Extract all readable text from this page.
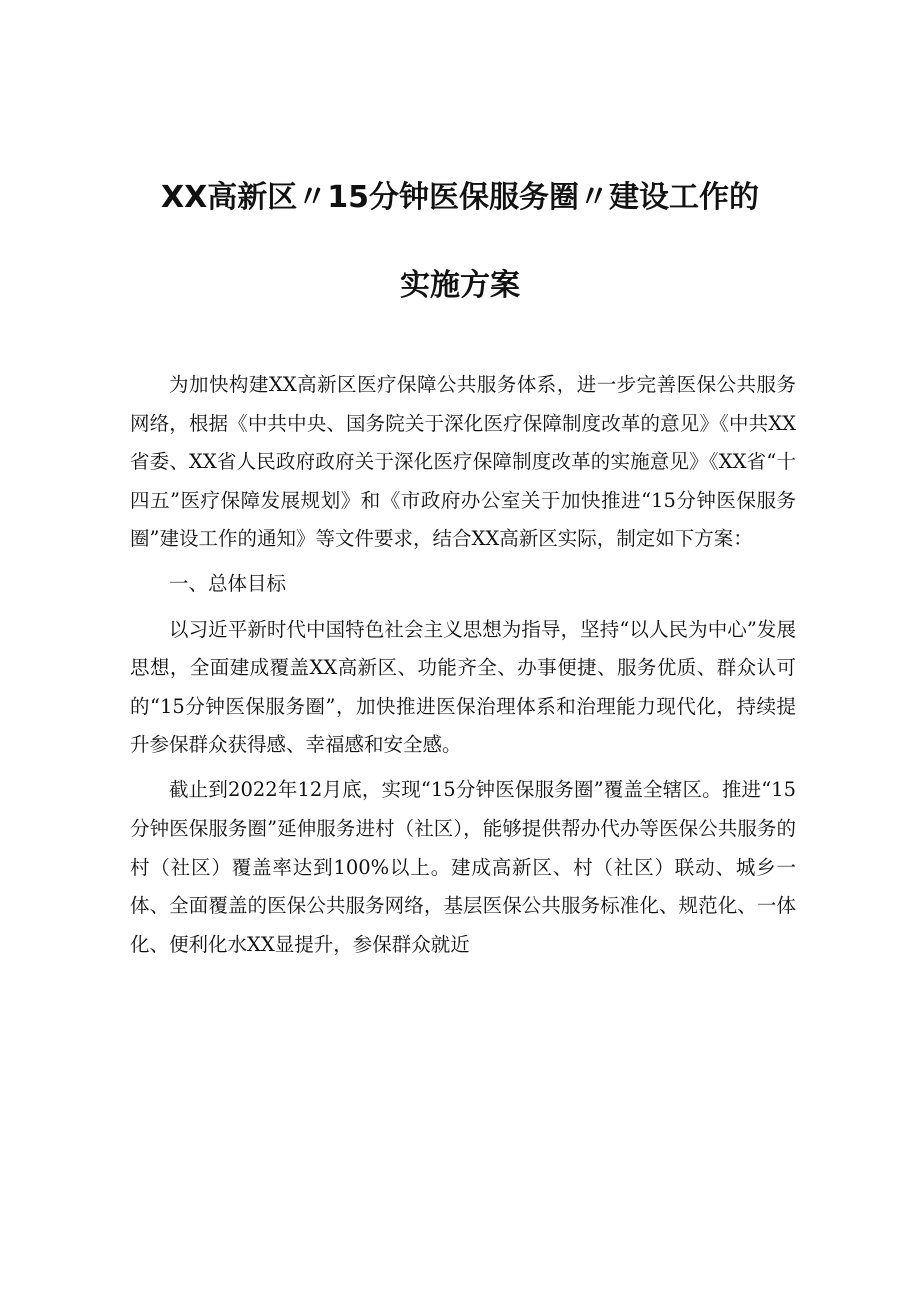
XX高新区〃15分钟医保服务圈〃建设工作的
实施方案

为加快构建XX高新区医疗保障公共服务体系，进一步完善医保公共服务网络，根据《中共中央、国务院关于深化医疗保障制度改革的意见》《中共XX省委、XX省人民政府政府关于深化医疗保障制度改革的实施意见》《XX省“十四五”医疗保障发展规划》和《市政府办公室关于加快推进“15分钟医保服务圈”建设工作的通知》等文件要求，结合XX高新区实际，制定如下方案：

一、总体目标

以习近平新时代中国特色社会主义思想为指导，坚持“以人民为中心”发展思想，全面建成覆盖XX高新区、功能齐全、办事便捷、服务优质、群众认可的“15分钟医保服务圈”，加快推进医保治理体系和治理能力现代化，持续提升参保群众获得感、幸福感和安全感。

截止到2022年12月底，实现“15分钟医保服务圈”覆盖全辖区。推进“15分钟医保服务圈”延伸服务进村（社区），能够提供帮办代办等医保公共服务的村（社区）覆盖率达到100%以上。建成高新区、村（社区）联动、城乡一体、全面覆盖的医保公共服务网络，基层医保公共服务标准化、规范化、一体化、便利化水XX显提升，参保群众就近
